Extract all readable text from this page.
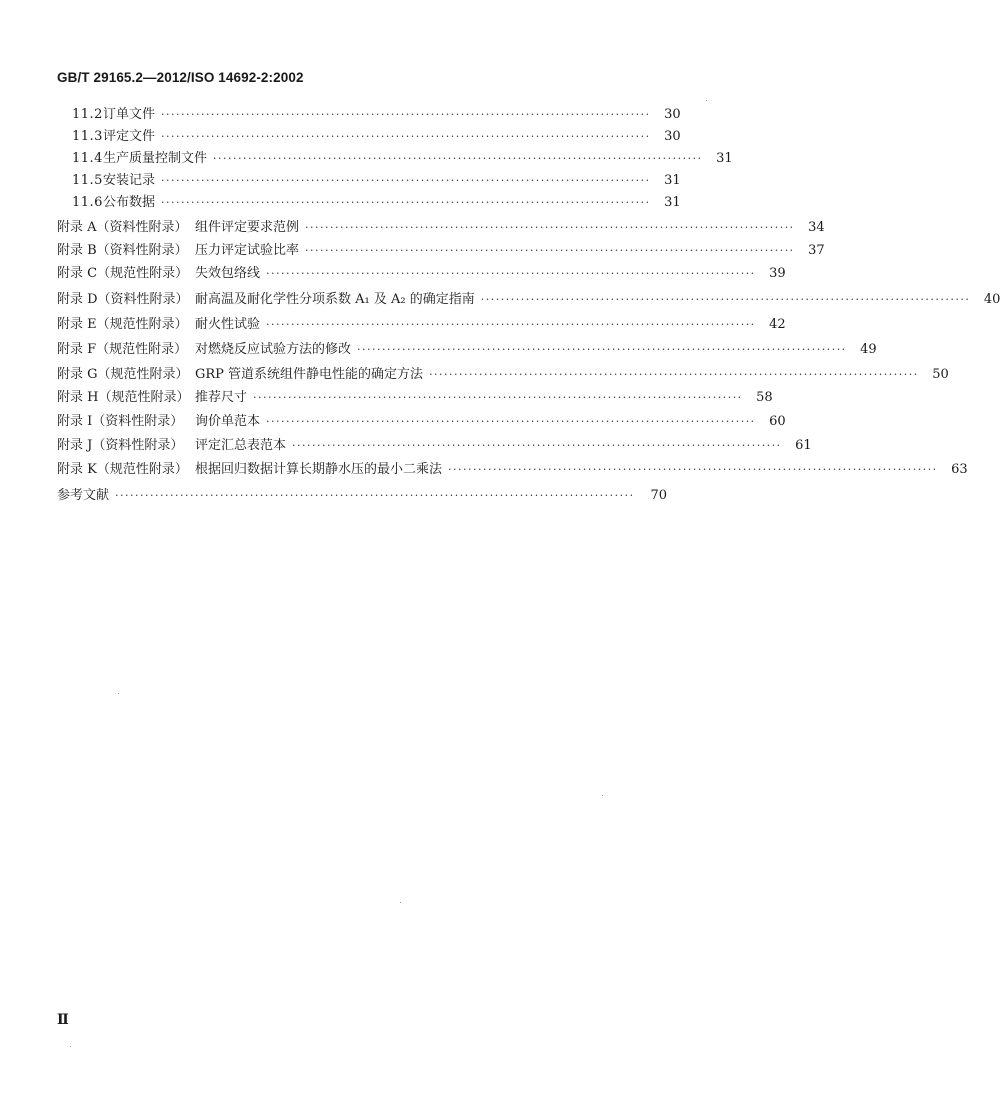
GB/T 29165.2—2012/ISO 14692-2:2002
11.2 订单文件 ··································································································	30
11.3 评定文件 ··································································································	30
11.4 生产质量控制文件 ··································································································	31
11.5 安装记录 ··································································································	31
11.6 公布数据 ··································································································	31
附录 A（资料性附录） 组件评定要求范例 ··································································································	34
附录 B（资料性附录） 压力评定试验比率 ··································································································	37
附录 C（规范性附录） 失效包络线 ··································································································	39
附录 D（资料性附录） 耐高温及耐化学性分项系数 A₁ 及 A₂ 的确定指南 ··································································································	40
附录 E（规范性附录） 耐火性试验 ··································································································	42
附录 F（规范性附录） 对燃烧反应试验方法的修改 ··································································································	49
附录 G（规范性附录） GRP 管道系统组件静电性能的确定方法 ··································································································	50
附录 H（规范性附录） 推荐尺寸 ··································································································	58
附录 I（资料性附录） 询价单范本 ··································································································	60
附录 J（资料性附录） 评定汇总表范本 ··································································································	61
附录 K（规范性附录） 根据回归数据计算长期静水压的最小二乘法 ··································································································	63
参考文献 ········································································································	70
Ⅱ
